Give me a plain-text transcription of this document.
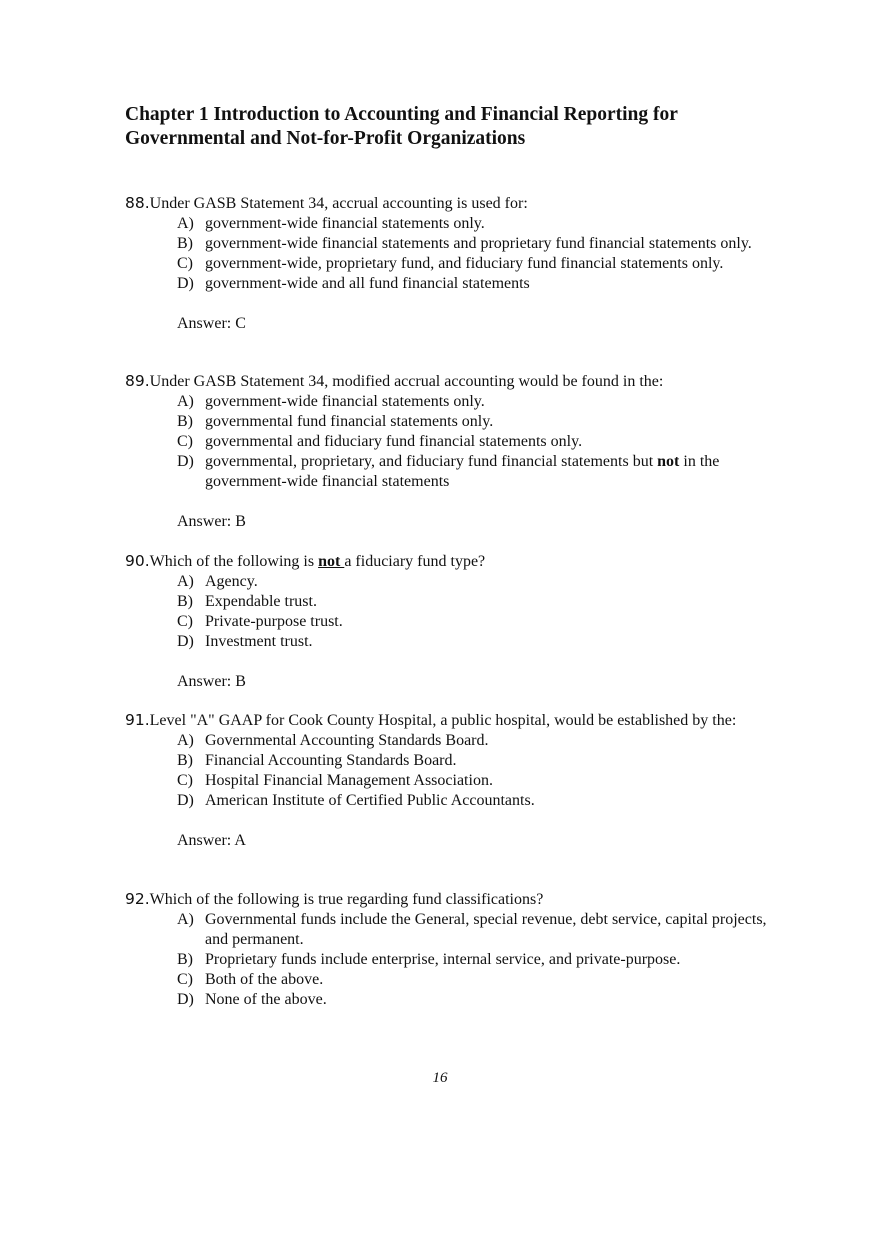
Chapter 1 Introduction to Accounting and Financial Reporting for Governmental and Not-for-Profit Organizations

88.Under GASB Statement 34, accrual accounting is used for:

A) government-wide financial statements only.
B) government-wide financial statements and proprietary fund financial statements only.
C) government-wide, proprietary fund, and fiduciary fund financial statements only.
D) government-wide and all fund financial statements

Answer: C

89.Under GASB Statement 34, modified accrual accounting would be found in the:

A) government-wide financial statements only.
B) governmental fund financial statements only.
C) governmental and fiduciary fund financial statements only.
D) governmental, proprietary, and fiduciary fund financial statements but not in the government-wide financial statements

Answer: B

90.Which of the following is not a fiduciary fund type?

A) Agency.
B) Expendable trust.
C) Private-purpose trust.
D) Investment trust.

Answer: B

91.Level "A" GAAP for Cook County Hospital, a public hospital, would be established by the:

A) Governmental Accounting Standards Board.
B) Financial Accounting Standards Board.
C) Hospital Financial Management Association.
D) American Institute of Certified Public Accountants.

Answer: A

92.Which of the following is true regarding fund classifications?

A) Governmental funds include the General, special revenue, debt service, capital projects, and permanent.
B) Proprietary funds include enterprise, internal service, and private-purpose.
C) Both of the above.
D) None of the above.
16
